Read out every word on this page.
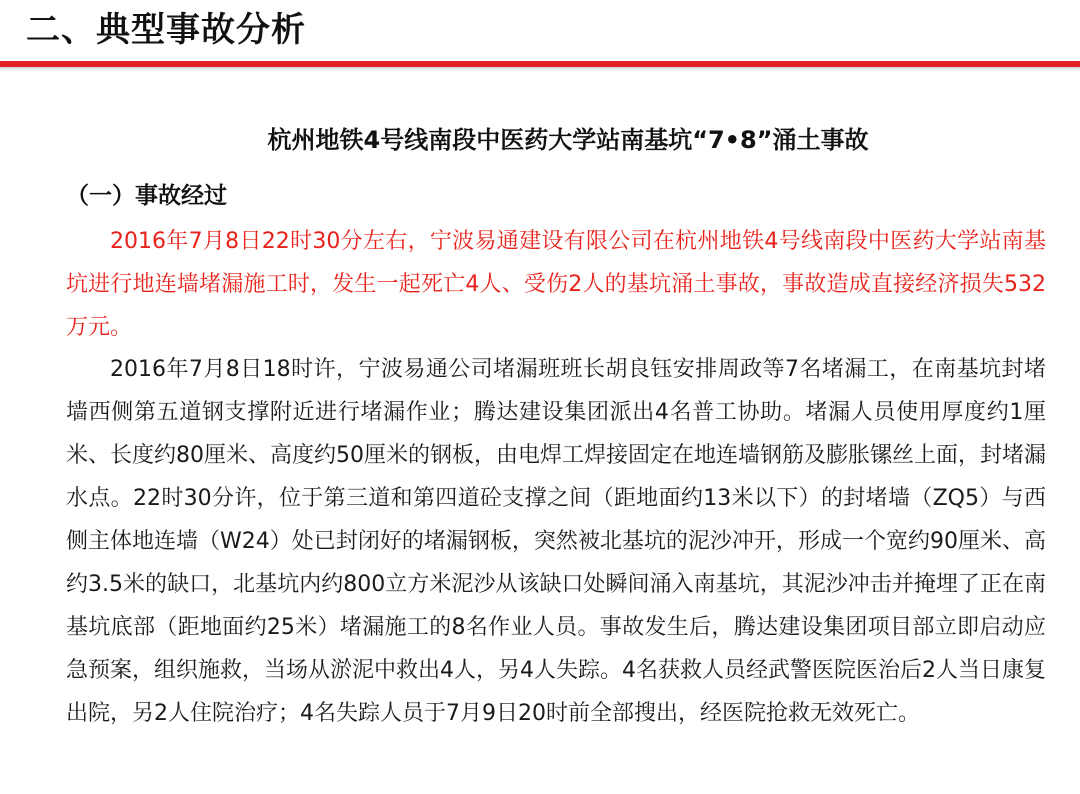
二、典型事故分析
杭州地铁4号线南段中医药大学站南基坑“7•8”涌土事故
（一）事故经过

2016年7月8日22时30分左右，宁波易通建设有限公司在杭州地铁4号线南段中医药大学站南基坑进行地连墙堵漏施工时，发生一起死亡4人、受伤2人的基坑涌土事故，事故造成直接经济损失532万元。

2016年7月8日18时许，宁波易通公司堵漏班班长胡良钰安排周政等7名堵漏工，在南基坑封堵墙西侧第五道钢支撑附近进行堵漏作业；腾达建设集团派出4名普工协助。堵漏人员使用厚度约1厘米、长度约80厘米、高度约50厘米的钢板，由电焊工焊接固定在地连墙钢筋及膨胀镙丝上面，封堵漏水点。22时30分许，位于第三道和第四道砼支撑之间（距地面约13米以下）的封堵墙（ZQ5）与西侧主体地连墙（W24）处已封闭好的堵漏钢板，突然被北基坑的泥沙冲开，形成一个宽约90厘米、高约3.5米的缺口，北基坑内约800立方米泥沙从该缺口处瞬间涌入南基坑，其泥沙冲击并掩埋了正在南基坑底部（距地面约25米）堵漏施工的8名作业人员。事故发生后，腾达建设集团项目部立即启动应急预案，组织施救，当场从淤泥中救出4人，另4人失踪。4名获救人员经武警医院医治后2人当日康复出院，另2人住院治疗；4名失踪人员于7月9日20时前全部搜出，经医院抢救无效死亡。
